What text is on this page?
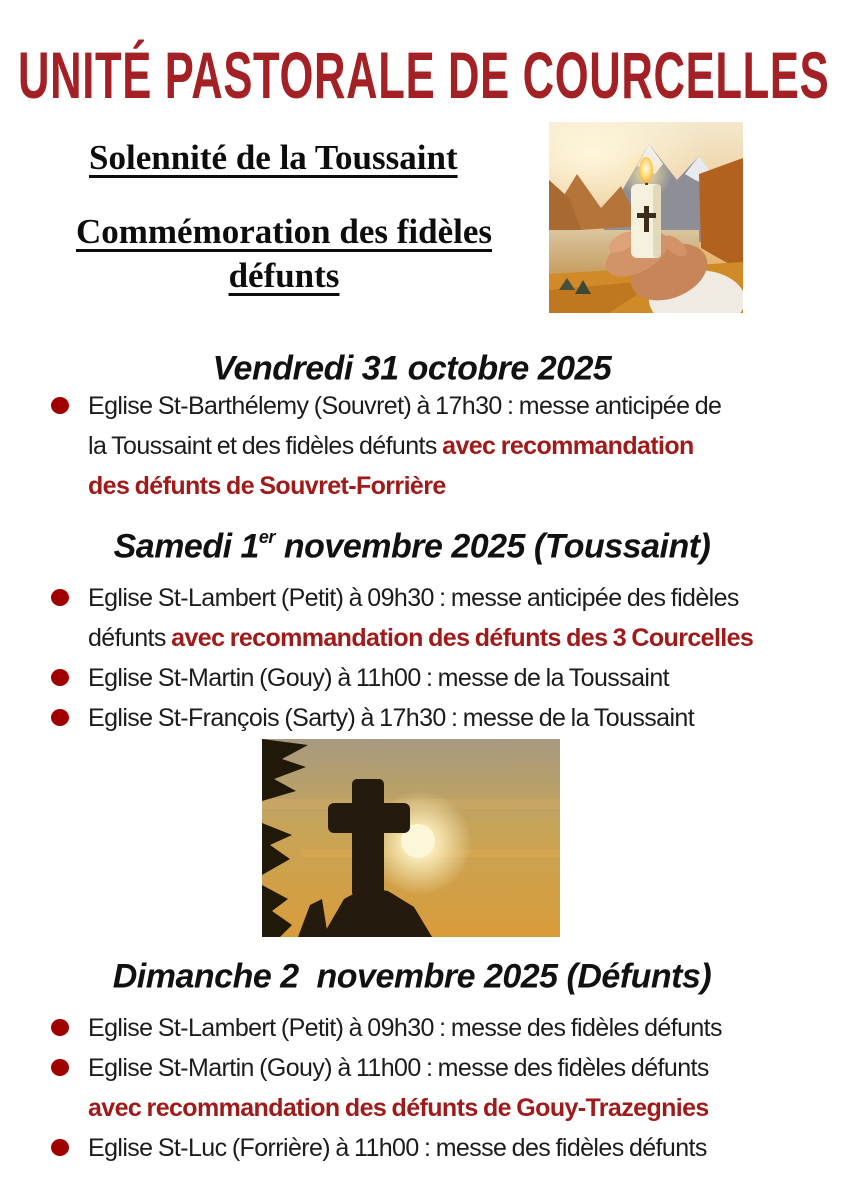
UNITÉ PASTORALE DE COURCELLES
Solennité de la Toussaint
Commémoration des fidèles défunts
Vendredi 31 octobre 2025
Samedi 1er novembre 2025 (Toussaint)
Dimanche 2  novembre 2025 (Défunts)
Eglise St-Barthélemy (Souvret) à 17h30 : messe anticipée de
la Toussaint et des fidèles défunts avec recommandation
des défunts de Souvret-Forrière
Eglise St-Lambert (Petit) à 09h30 : messe anticipée des fidèles
défunts avec recommandation des défunts des 3 Courcelles
Eglise St-Martin (Gouy) à 11h00 : messe de la Toussaint
Eglise St-François (Sarty) à 17h30 : messe de la Toussaint
Eglise St-Lambert (Petit) à 09h30 : messe des fidèles défunts
Eglise St-Martin (Gouy) à 11h00 : messe des fidèles défunts
avec recommandation des défunts de Gouy-Trazegnies
Eglise St-Luc (Forrière) à 11h00 : messe des fidèles défunts
